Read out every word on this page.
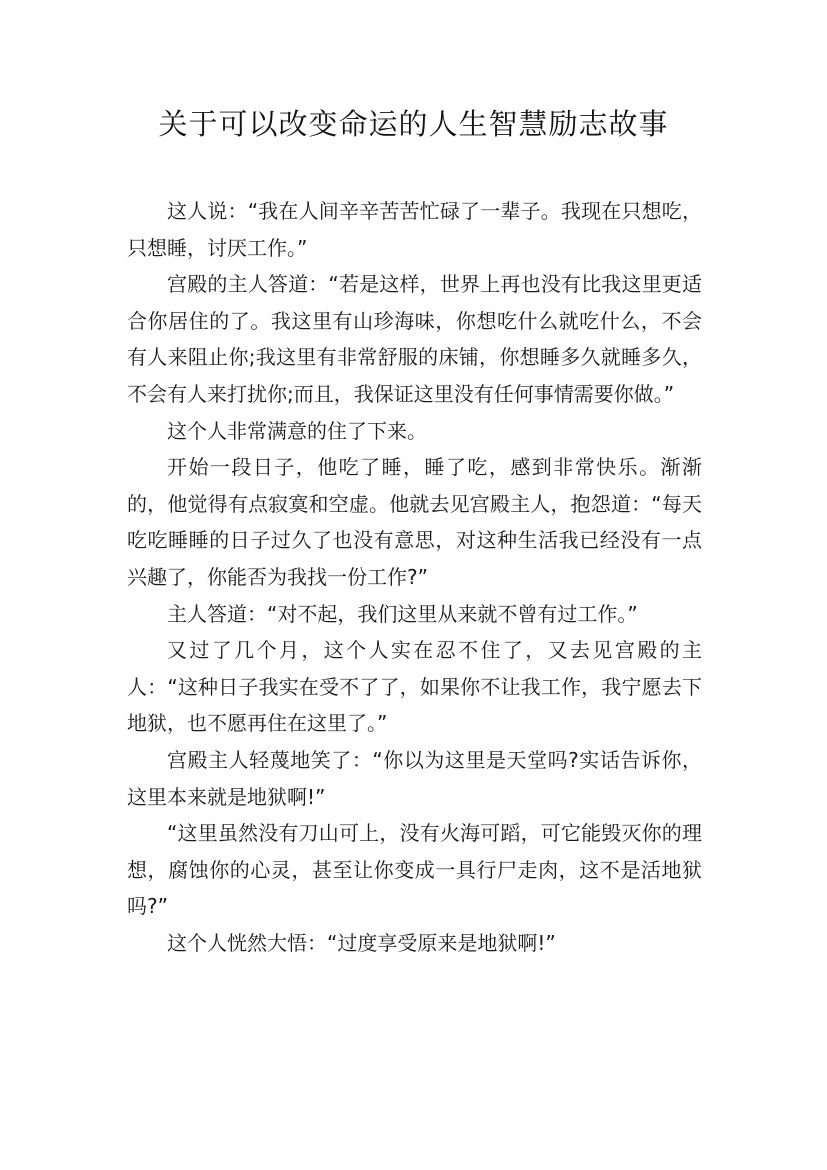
关于可以改变命运的人生智慧励志故事

这人说：“我在人间辛辛苦苦忙碌了一辈子。我现在只想吃，只想睡，讨厌工作。”

宫殿的主人答道：“若是这样，世界上再也没有比我这里更适合你居住的了。我这里有山珍海味，你想吃什么就吃什么，不会有人来阻止你;我这里有非常舒服的床铺，你想睡多久就睡多久，不会有人来打扰你;而且，我保证这里没有任何事情需要你做。”

这个人非常满意的住了下来。

开始一段日子，他吃了睡，睡了吃，感到非常快乐。渐渐的，他觉得有点寂寞和空虚。他就去见宫殿主人，抱怨道：“每天吃吃睡睡的日子过久了也没有意思，对这种生活我已经没有一点兴趣了，你能否为我找一份工作?”

主人答道：“对不起，我们这里从来就不曾有过工作。”

又过了几个月，这个人实在忍不住了，又去见宫殿的主人：“这种日子我实在受不了了，如果你不让我工作，我宁愿去下地狱，也不愿再住在这里了。”

宫殿主人轻蔑地笑了：“你以为这里是天堂吗?实话告诉你，这里本来就是地狱啊!”

“这里虽然没有刀山可上，没有火海可蹈，可它能毁灭你的理想，腐蚀你的心灵，甚至让你变成一具行尸走肉，这不是活地狱吗?”

这个人恍然大悟：“过度享受原来是地狱啊!”
